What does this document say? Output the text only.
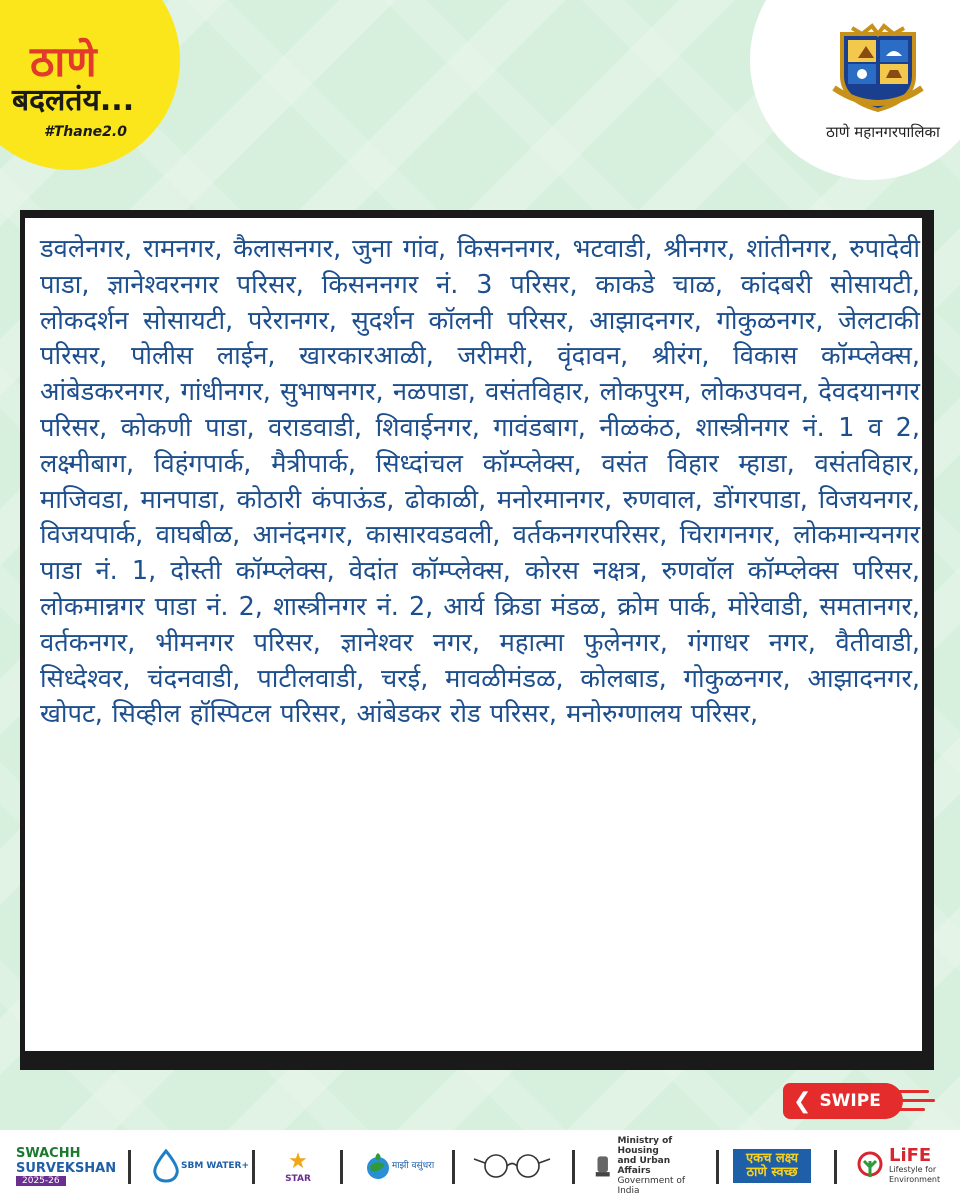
ठाणे
बदलतंय...
#Thane2.0	ठाणे महानगरपालिका
डवलेनगर, रामनगर, कैलासनगर, जुना गांव, किसननगर, भटवाडी, श्रीनगर, शांतीनगर, रुपादेवी पाडा, ज्ञानेश्वरनगर परिसर, किसननगर नं. 3 परिसर, काकडे चाळ, कांदबरी सोसायटी, लोकदर्शन सोसायटी, परेरानगर, सुदर्शन कॉलनी परिसर, आझादनगर, गोकुळनगर, जेलटाकी परिसर, पोलीस लाईन, खारकारआळी, जरीमरी, वृंदावन, श्रीरंग, विकास कॉम्प्लेक्स, आंबेडकरनगर, गांधीनगर, सुभाषनगर, नळपाडा, वसंतविहार, लोकपुरम, लोकउपवन, देवदयानगर परिसर, कोकणी पाडा, वराडवाडी, शिवाईनगर, गावंडबाग, नीळकंठ, शास्त्रीनगर नं. 1 व 2, लक्ष्मीबाग, विहंगपार्क, मैत्रीपार्क, सिध्दांचल कॉम्प्लेक्स, वसंत विहार म्हाडा, वसंतविहार, माजिवडा, मानपाडा, कोठारी कंपाऊंड, ढोकाळी, मनोरमानगर, रुणवाल, डोंगरपाडा, विजयनगर, विजयपार्क, वाघबीळ, आनंदनगर, कासारवडवली, वर्तकनगरपरिसर, चिरागनगर, लोकमान्यनगर पाडा नं. 1, दोस्ती कॉम्प्लेक्स, वेदांत कॉम्प्लेक्स, कोरस नक्षत्र, रुणवॉल कॉम्प्लेक्स परिसर, लोकमान्नगर पाडा नं. 2, शास्त्रीनगर नं. 2, आर्य क्रिडा मंडळ, क्रोम पार्क, मोरेवाडी, समतानगर, वर्तकनगर, भीमनगर परिसर, ज्ञानेश्वर नगर, महात्मा फुलेनगर, गंगाधर नगर, वैतीवाडी, सिध्देश्वर, चंदनवाडी, पाटीलवाडी, चरई, मावळीमंडळ, कोलबाड, गोकुळनगर, आझादनगर, खोपट, सिव्हील हॉस्पिटल परिसर, आंबेडकर रोड परिसर, मनोरुग्णालय परिसर,
❮ SWIPE
SWACHH
SURVEKSHAN
2025-26
SBM WATER+ ★
STAR
माझी वसुंधरा
Ministry of Housing
and Urban Affairs
Government of India
एकच लक्ष्य ठाणे स्वच्छ
LiFE
Lifestyle for Environment
